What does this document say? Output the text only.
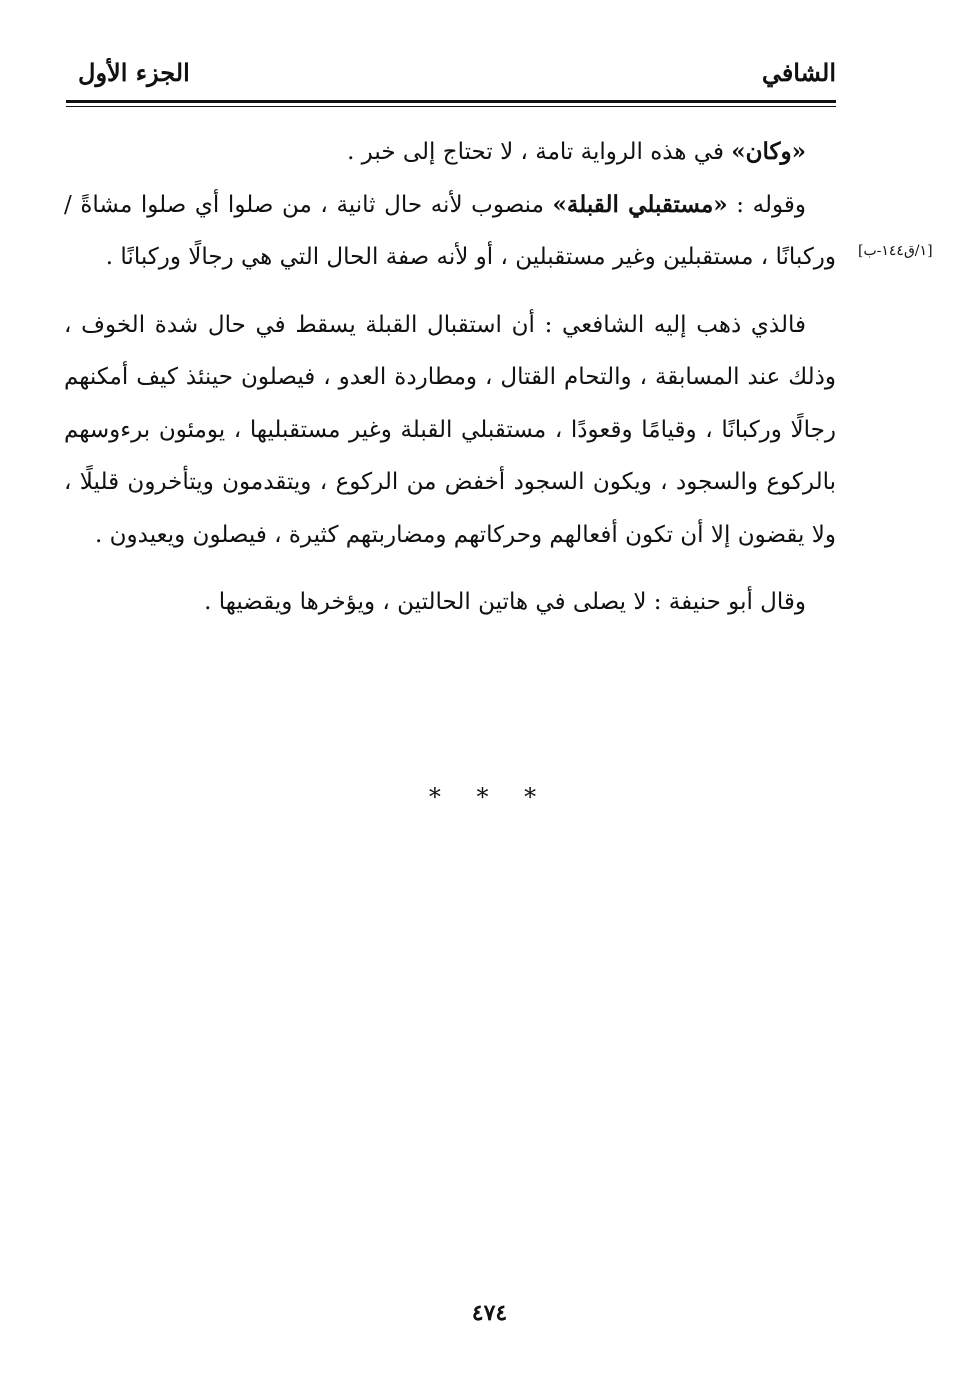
الشافي
الجزء الأول

«وكان» في هذه الرواية تامة ، لا تحتاج إلى خبر .

وقوله : «مستقبلي القبلة» منصوب لأنه حال ثانية ، من صلوا أي صلوا مشاةً / وركبانًا ، مستقبلين وغير مستقبلين ، أو لأنه صفة الحال التي هي رجالًا وركبانًا .

فالذي ذهب إليه الشافعي : أن استقبال القبلة يسقط في حال شدة الخوف ، وذلك عند المسابقة ، والتحام القتال ، ومطاردة العدو ، فيصلون حينئذ كيف أمكنهم رجالًا وركبانًا ، وقيامًا وقعودًا ، مستقبلي القبلة وغير مستقبليها ، يومئون برءوسهم بالركوع والسجود ، ويكون السجود أخفض من الركوع ، ويتقدمون ويتأخرون قليلًا ، ولا يقضون إلا أن تكون أفعالهم وحركاتهم ومضاربتهم كثيرة ، فيصلون ويعيدون .

وقال أبو حنيفة : لا يصلى في هاتين الحالتين ، ويؤخرها ويقضيها .

[١/ق١٤٤-ب]
* * *
٤٧٤
